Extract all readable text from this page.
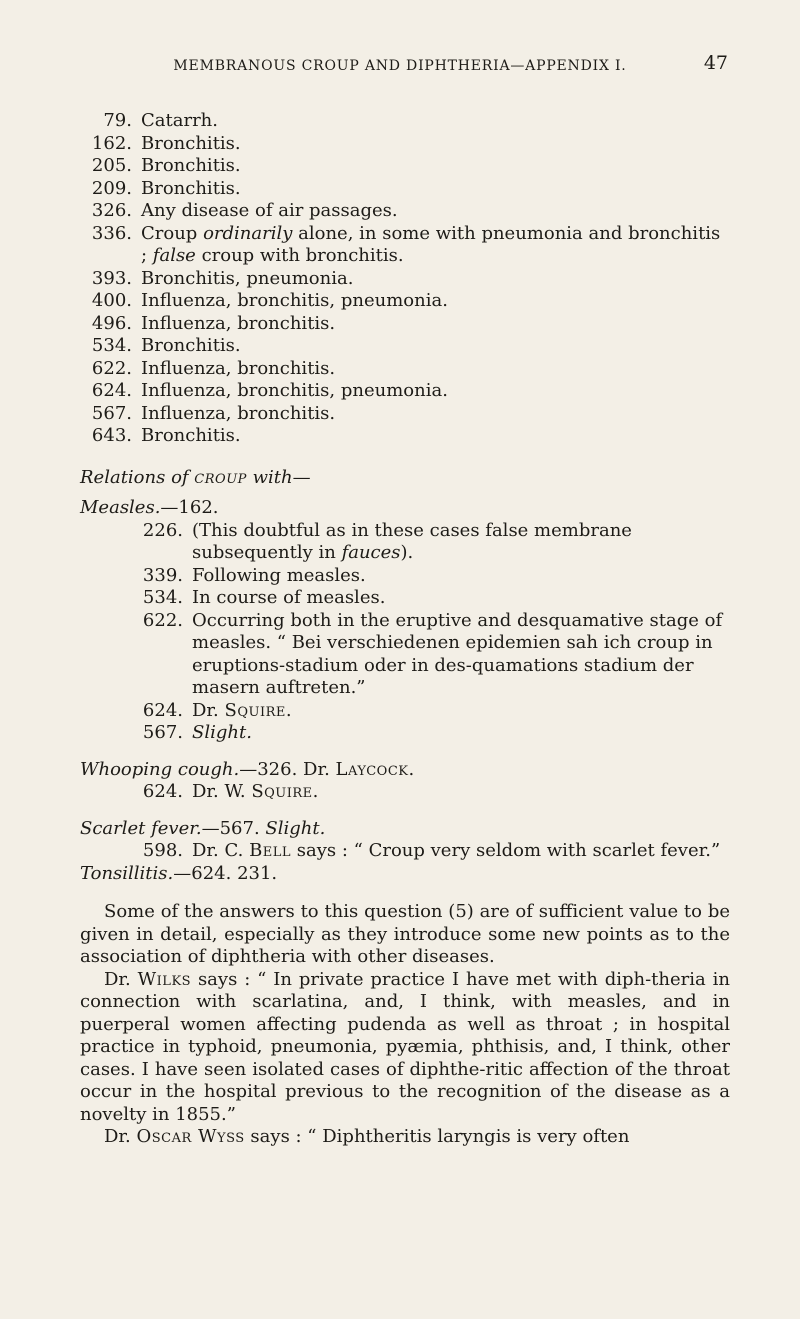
MEMBRANOUS CROUP AND DIPHTHERIA—APPENDIX I.	47

79. Catarrh.

162. Bronchitis.

205. Bronchitis.

209. Bronchitis.

326. Any disease of air passages.

336. Croup ordinarily alone, in some with pneumonia and bronchitis ; false croup with bronchitis.

393. Bronchitis, pneumonia.

400. Influenza, bronchitis, pneumonia.

496. Influenza, bronchitis.

534. Bronchitis.

622. Influenza, bronchitis.

624. Influenza, bronchitis, pneumonia.

567. Influenza, bronchitis.

643. Bronchitis.

Relations of croup with—

Measles.—162.

226. (This doubtful as in these cases false membrane subsequently in fauces).

339. Following measles.

534. In course of measles.

622. Occurring both in the eruptive and desquamative stage of measles. “ Bei verschiedenen epidemien sah ich croup in eruptions-stadium oder in des-quamations stadium der masern auftreten.”

624. Dr. Squire.

567. Slight.

Whooping cough.—326. Dr. Laycock.

624. Dr. W. Squire.

Scarlet fever.—567. Slight.

598. Dr. C. Bell says : “ Croup very seldom with scarlet fever.”

Tonsillitis.—624. 231.

Some of the answers to this question (5) are of sufficient value to be given in detail, especially as they introduce some new points as to the association of diphtheria with other diseases.

Dr. Wilks says : “ In private practice I have met with diph-theria in connection with scarlatina, and, I think, with measles, and in puerperal women affecting pudenda as well as throat ; in hospital practice in typhoid, pneumonia, pyæmia, phthisis, and, I think, other cases. I have seen isolated cases of diphthe-ritic affection of the throat occur in the hospital previous to the recognition of the disease as a novelty in 1855.”

Dr. Oscar Wyss says : “ Diphtheritis laryngis is very often
